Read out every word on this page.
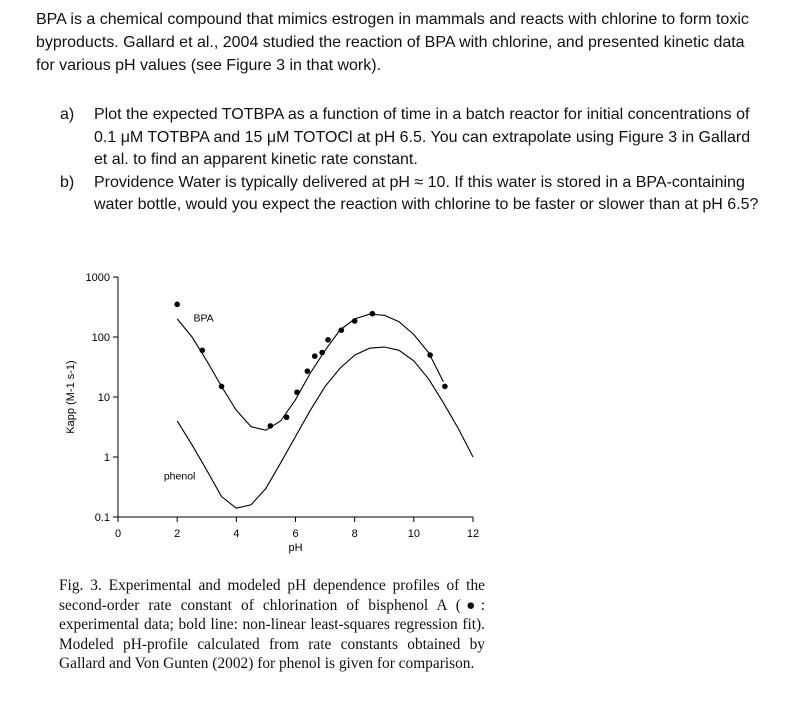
BPA is a chemical compound that mimics estrogen in mammals and reacts with chlorine to form toxic byproducts. Gallard et al., 2004 studied the reaction of BPA with chlorine, and presented kinetic data for various pH values (see Figure 3 in that work).
a)	Plot the expected TOTBPA as a function of time in a batch reactor for initial concentrations of 0.1 μM TOTBPA and 15 μM TOTOCl at pH 6.5. You can extrapolate using Figure 3 in Gallard et al. to find an apparent kinetic rate constant.
b)	Providence Water is typically delivered at pH ≈ 10. If this water is stored in a BPA-containing water bottle, would you expect the reaction with chlorine to be faster or slower than at pH 6.5?
0.1
1
10
100
1000
0	2	4	6	8	10	12
pH
Kapp (M-1 s-1)
BPA
phenol
Fig. 3. Experimental and modeled pH dependence profiles of the second-order rate constant of chlorination of bisphenol A (●: experimental data; bold line: non-linear least-squares regression fit). Modeled pH-profile calculated from rate constants obtained by Gallard and Von Gunten (2002) for phenol is given for comparison.
